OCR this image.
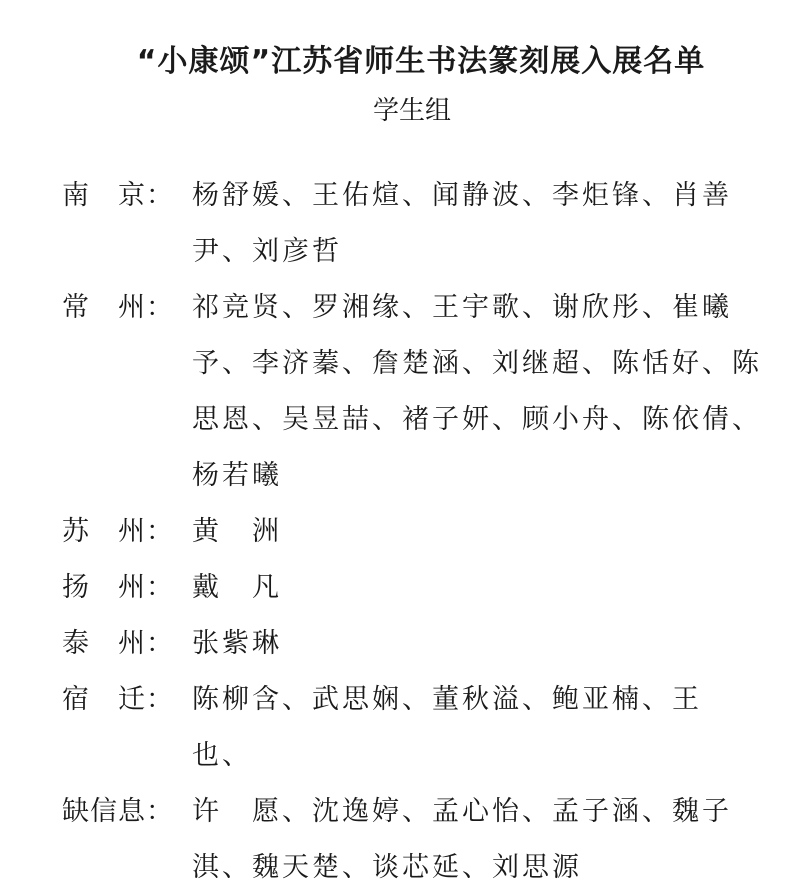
“小康颂”江苏省师生书法篆刻展入展名单
学生组
南　京： 杨舒媛、王佑煊、闻静波、李炬锋、肖善尹、刘彦哲
常　州： 祁竞贤、罗湘缘、王宇歌、谢欣彤、崔曦予、李济蓁、詹楚涵、刘继超、陈恬好、陈思恩、吴昱喆、褚子妍、顾小舟、陈依倩、杨若曦
苏　州： 黄　洲
扬　州： 戴　凡
泰　州： 张紫琳
宿　迁： 陈柳含、武思娴、董秋溢、鲍亚楠、王　也、
缺信息： 许　愿、沈逸婷、孟心怡、孟子涵、魏子淇、魏天楚、谈芯延、刘思源
